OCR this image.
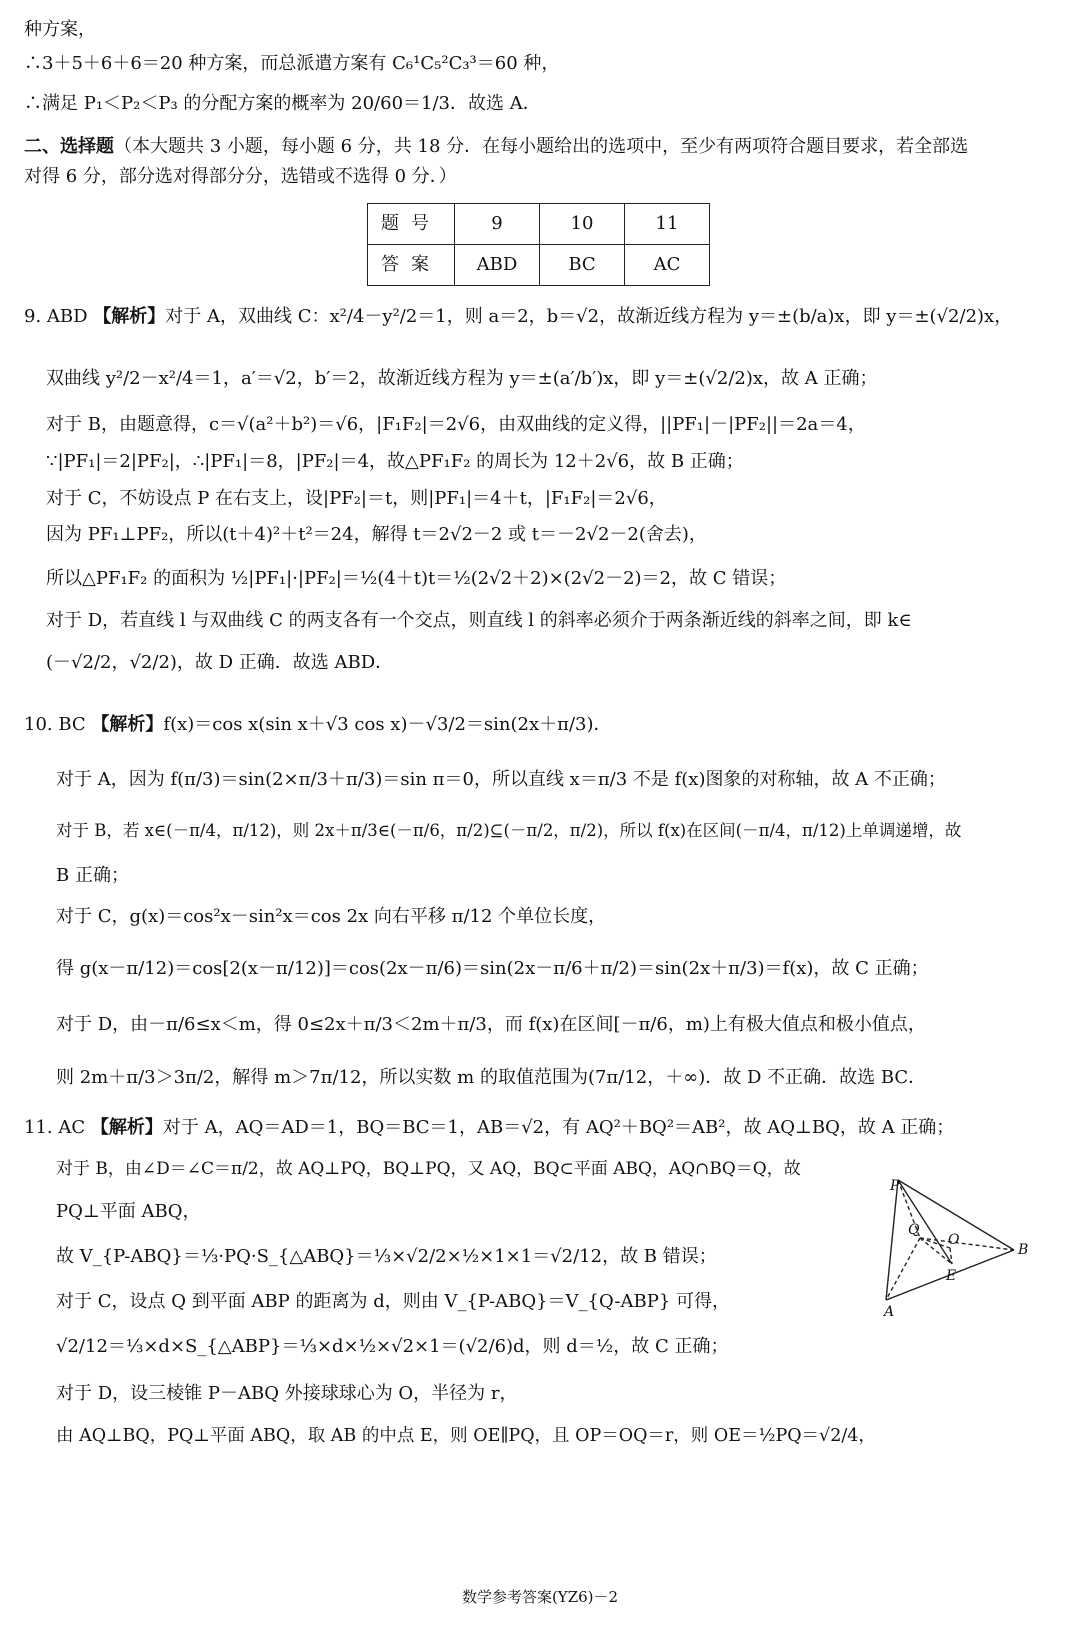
种方案，
∴3＋5＋6＋6＝20 种方案，而总派遣方案有 C₆¹C₅²C₃³＝60 种，
∴满足 P₁＜P₂＜P₃ 的分配方案的概率为 20/60＝1/3．故选 A．
二、选择题（本大题共 3 小题，每小题 6 分，共 18 分．在每小题给出的选项中，至少有两项符合题目要求，若全部选
对得 6 分，部分选对得部分分，选错或不选得 0 分．）
题号	9	10	11
答案	ABD	BC	AC
9. ABD 【解析】对于 A，双曲线 C：x²/4－y²/2＝1，则 a＝2，b＝√2，故渐近线方程为 y＝±(b/a)x，即 y＝±(√2/2)x，
双曲线 y²/2－x²/4＝1，a′＝√2，b′＝2，故渐近线方程为 y＝±(a′/b′)x，即 y＝±(√2/2)x，故 A 正确；
对于 B，由题意得，c＝√(a²＋b²)＝√6，|F₁F₂|＝2√6，由双曲线的定义得，||PF₁|－|PF₂||＝2a＝4，
∵|PF₁|＝2|PF₂|，∴|PF₁|＝8，|PF₂|＝4，故△PF₁F₂ 的周长为 12＋2√6，故 B 正确；
对于 C，不妨设点 P 在右支上，设|PF₂|＝t，则|PF₁|＝4＋t，|F₁F₂|＝2√6，
因为 PF₁⊥PF₂，所以(t＋4)²＋t²＝24，解得 t＝2√2－2 或 t＝－2√2－2(舍去)，
所以△PF₁F₂ 的面积为 ½|PF₁|·|PF₂|＝½(4＋t)t＝½(2√2＋2)×(2√2－2)＝2，故 C 错误；
对于 D，若直线 l 与双曲线 C 的两支各有一个交点，则直线 l 的斜率必须介于两条渐近线的斜率之间，即 k∈
(－√2/2，√2/2)，故 D 正确．故选 ABD．
10. BC 【解析】f(x)＝cos x(sin x＋√3 cos x)－√3/2＝sin(2x＋π/3)．
对于 A，因为 f(π/3)＝sin(2×π/3＋π/3)＝sin π＝0，所以直线 x＝π/3 不是 f(x)图象的对称轴，故 A 不正确；
对于 B，若 x∈(－π/4，π/12)，则 2x＋π/3∈(－π/6，π/2)⊆(－π/2，π/2)，所以 f(x)在区间(－π/4，π/12)上单调递增，故
B 正确；
对于 C，g(x)＝cos²x－sin²x＝cos 2x 向右平移 π/12 个单位长度，
得 g(x－π/12)＝cos[2(x－π/12)]＝cos(2x－π/6)＝sin(2x－π/6＋π/2)＝sin(2x＋π/3)＝f(x)，故 C 正确；
对于 D，由－π/6≤x＜m，得 0≤2x＋π/3＜2m＋π/3，而 f(x)在区间[－π/6，m)上有极大值点和极小值点，
则 2m＋π/3＞3π/2，解得 m＞7π/12，所以实数 m 的取值范围为(7π/12，＋∞)．故 D 不正确．故选 BC．
11. AC 【解析】对于 A，AQ＝AD＝1，BQ＝BC＝1，AB＝√2，有 AQ²＋BQ²＝AB²，故 AQ⊥BQ，故 A 正确；
对于 B，由∠D＝∠C＝π/2，故 AQ⊥PQ，BQ⊥PQ，又 AQ，BQ⊂平面 ABQ，AQ∩BQ＝Q，故
PQ⊥平面 ABQ，
故 V_{P-ABQ}＝⅓·PQ·S_{△ABQ}＝⅓×√2/2×½×1×1＝√2/12，故 B 错误；
对于 C，设点 Q 到平面 ABP 的距离为 d，则由 V_{P-ABQ}＝V_{Q-ABP} 可得，
√2/12＝⅓×d×S_{△ABP}＝⅓×d×½×√2×1＝(√2/6)d，则 d＝½，故 C 正确；
对于 D，设三棱锥 P－ABQ 外接球球心为 O，半径为 r，
由 AQ⊥BQ，PQ⊥平面 ABQ，取 AB 的中点 E，则 OE∥PQ，且 OP＝OQ＝r，则 OE＝½PQ＝√2/4，
P
Q
O
B
E
A
数学参考答案(YZ6)－2
